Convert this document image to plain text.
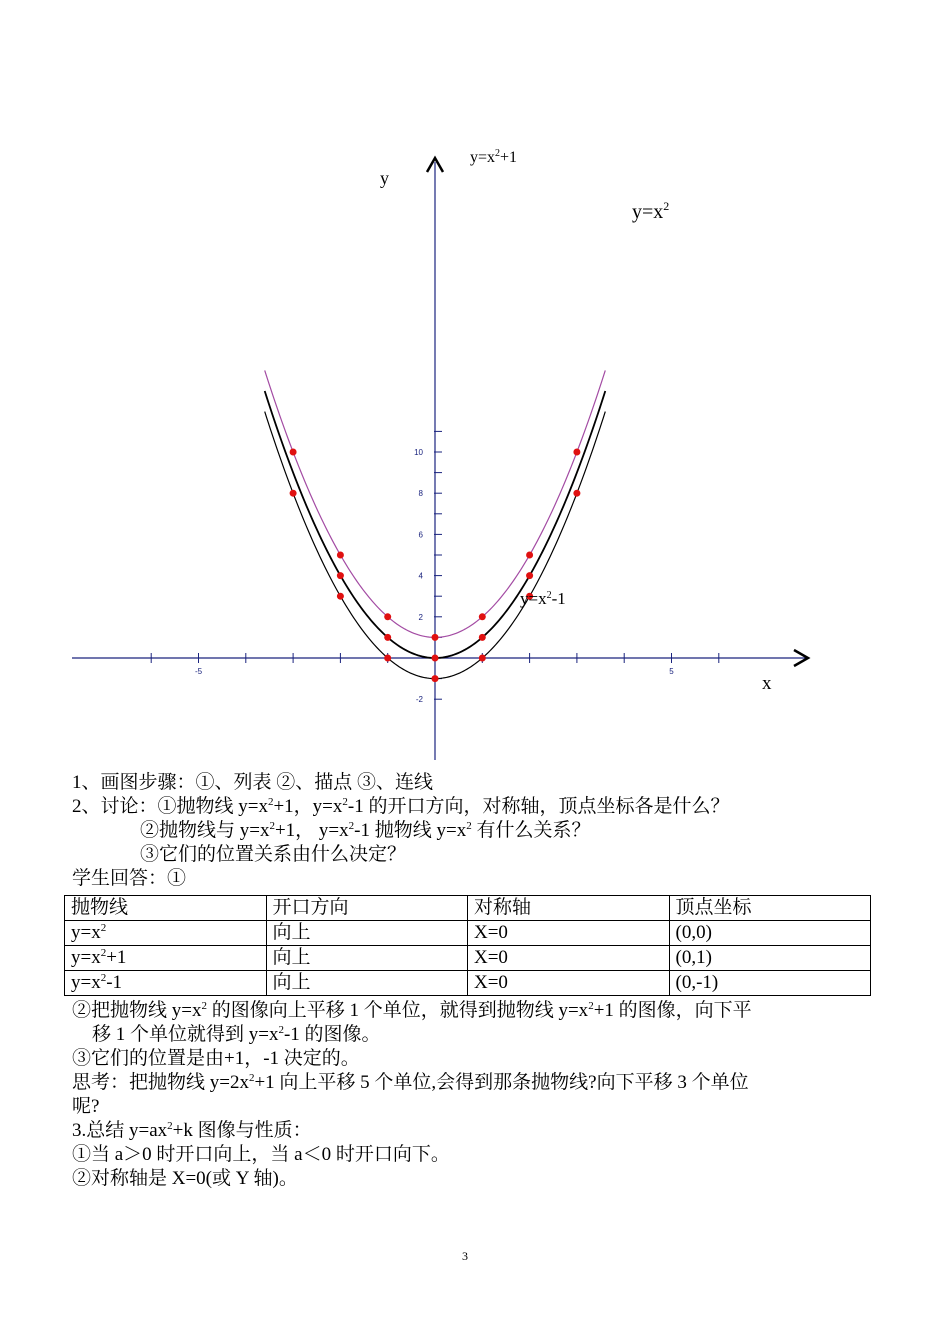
10
8
6
4
2
-2
-5	5
y
x
$y=x^2+1$
$y=x^2$
$y=x^2-1$
1、画图步骤：①、列表 ②、描点 ③、连线
2、讨论：①抛物线 $y=x^2+1$，$y=x^2-1$ 的开口方向，对称轴，顶点坐标各是什么？
②抛物线与 $y=x^2+1$， $y=x^2-1$ 抛物线 $y=x^2$ 有什么关系？
③它们的位置关系由什么决定？
学生回答：①
抛物线	开口方向	对称轴	顶点坐标
$y=x^2$	向上	X=0	(0,0)
$y=x^2+1$	向上	X=0	(0,1)
$y=x^2-1$	向上	X=0	(0,-1)
②把抛物线 $y=x^2$ 的图像向上平移 1 个单位，就得到抛物线 $y=x^2+1$ 的图像，向下平
移 1 个单位就得到 $y=x^2-1$ 的图像。
③它们的位置是由+1，-1 决定的。
思考：把抛物线 $y=2x^2+1$ 向上平移 5 个单位,会得到那条抛物线?向下平移 3 个单位
呢?
3.总结 $y=ax^2+k$ 图像与性质：
①当 a＞0 时开口向上，当 a＜0 时开口向下。
②对称轴是 X=0(或 Y 轴)。
3
